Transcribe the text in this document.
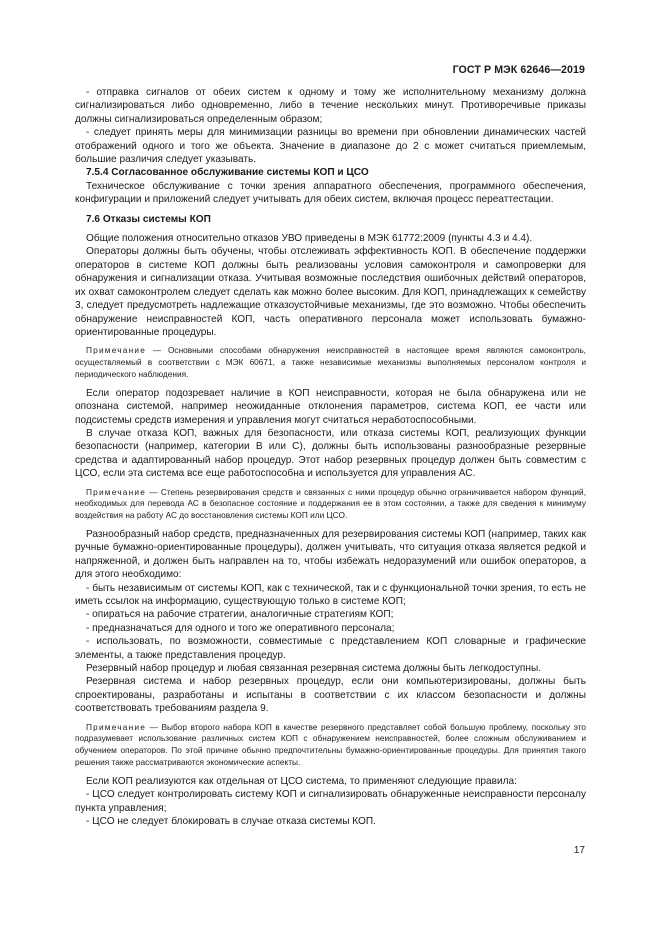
ГОСТ Р МЭК 62646—2019

- отправка сигналов от обеих систем к одному и тому же исполнительному механизму должна сигнализироваться либо одновременно, либо в течение нескольких минут. Противоречивые приказы должны сигнализироваться определенным образом;

- следует принять меры для минимизации разницы во времени при обновлении динамических частей отображений одного и того же объекта. Значение в диапазоне до 2 с может считаться приемлемым, большие различия следует указывать.

7.5.4 Согласованное обслуживание системы КОП и ЦСО

Техническое обслуживание с точки зрения аппаратного обеспечения, программного обеспечения, конфигурации и приложений следует учитывать для обеих систем, включая процесс переаттестации.

7.6 Отказы системы КОП

Общие положения относительно отказов УВО приведены в МЭК 61772:2009 (пункты 4.3 и 4.4).

Операторы должны быть обучены, чтобы отслеживать эффективность КОП. В обеспечение поддержки операторов в системе КОП должны быть реализованы условия самоконтроля и самопроверки для обнаружения и сигнализации отказа. Учитывая возможные последствия ошибочных действий операторов, их охват самоконтролем следует сделать как можно более высоким. Для КОП, принадлежащих к семейству 3, следует предусмотреть надлежащие отказоустойчивые механизмы, где это возможно. Чтобы обеспечить обнаружение неисправностей КОП, часть оперативного персонала может использовать бумажно-ориентированные процедуры.

Примечание — Основными способами обнаружения неисправностей в настоящее время являются самоконтроль, осуществляемый в соответствии с МЭК 60671, а также независимые механизмы выполняемых персоналом контроля и периодического наблюдения.

Если оператор подозревает наличие в КОП неисправности, которая не была обнаружена или не опознана системой, например неожиданные отклонения параметров, система КОП, ее части или подсистемы средств измерения и управления могут считаться неработоспособными.

В случае отказа КОП, важных для безопасности, или отказа системы КОП, реализующих функции безопасности (например, категории В или С), должны быть использованы разнообразные резервные средства и адаптированный набор процедур. Этот набор резервных процедур должен быть совместим с ЦСО, если эта система все еще работоспособна и используется для управления АС.

Примечание — Степень резервирования средств и связанных с ними процедур обычно ограничивается набором функций, необходимых для перевода АС в безопасное состояние и поддержания ее в этом состоянии, а также для сведения к минимуму воздействия на работу АС до восстановления системы КОП или ЦСО.

Разнообразный набор средств, предназначенных для резервирования системы КОП (например, таких как ручные бумажно-ориентированные процедуры), должен учитывать, что ситуация отказа является редкой и напряженной, и должен быть направлен на то, чтобы избежать недоразумений или ошибок операторов, а для этого необходимо:

- быть независимым от системы КОП, как с технической, так и с функциональной точки зрения, то есть не иметь ссылок на информацию, существующую только в системе КОП;

- опираться на рабочие стратегии, аналогичные стратегиям КОП;

- предназначаться для одного и того же оперативного персонала;

- использовать, по возможности, совместимые с представлением КОП словарные и графические элементы, а также представления процедур.

Резервный набор процедур и любая связанная резервная система должны быть легкодоступны.

Резервная система и набор резервных процедур, если они компьютеризированы, должны быть спроектированы, разработаны и испытаны в соответствии с их классом безопасности и должны соответствовать требованиям раздела 9.

Примечание — Выбор второго набора КОП в качестве резервного представляет собой большую проблему, поскольку это подразумевает использование различных систем КОП с обнаружением неисправностей, более сложным обслуживанием и обучением операторов. По этой причине обычно предпочтительны бумажно-ориентированные процедуры. Для принятия такого решения также рассматриваются экономические аспекты.

Если КОП реализуются как отдельная от ЦСО система, то применяют следующие правила:

- ЦСО следует контролировать систему КОП и сигнализировать обнаруженные неисправности персоналу пункта управления;

- ЦСО не следует блокировать в случае отказа системы КОП.

17
